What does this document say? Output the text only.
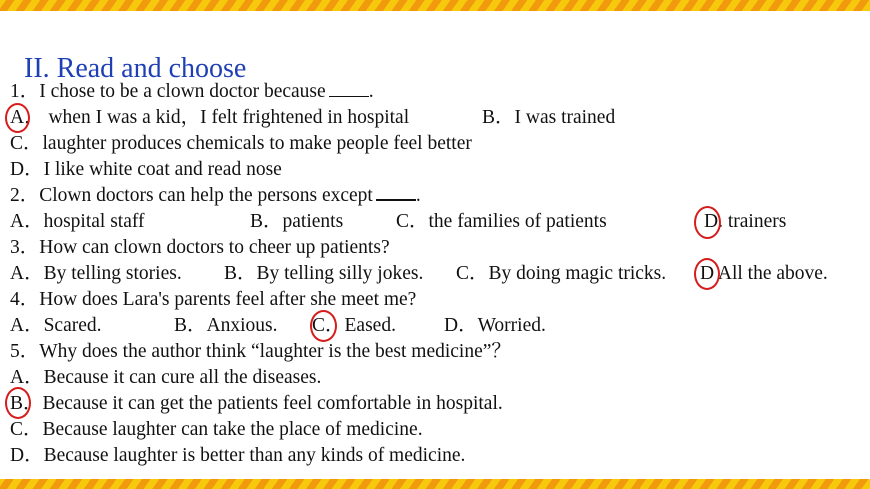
II. Read and choose
1．I chose to be a clown doctor because .
A． when I was a kid，I felt frightened in hospital	B．I was trained
C．laughter produces chemicals to make people feel better
D．I like white coat and read nose
2．Clown doctors can help the persons except .
A．hospital staff	B．patients	C．the families of patients	D. trainers
3．How can clown doctors to cheer up patients?
A．By telling stories. B．By telling silly jokes. C．By doing magic tricks. D All the above.
4．How does Lara's parents feel after she meet me?
A．Scared.	B．Anxious. C．Eased. D．Worried.
5．Why does the author think “laughter is the best medicine”？
A．Because it can cure all the diseases.
B．Because it can get the patients feel comfortable in hospital.
C．Because laughter can take the place of medicine.
D．Because laughter is better than any kinds of medicine.
